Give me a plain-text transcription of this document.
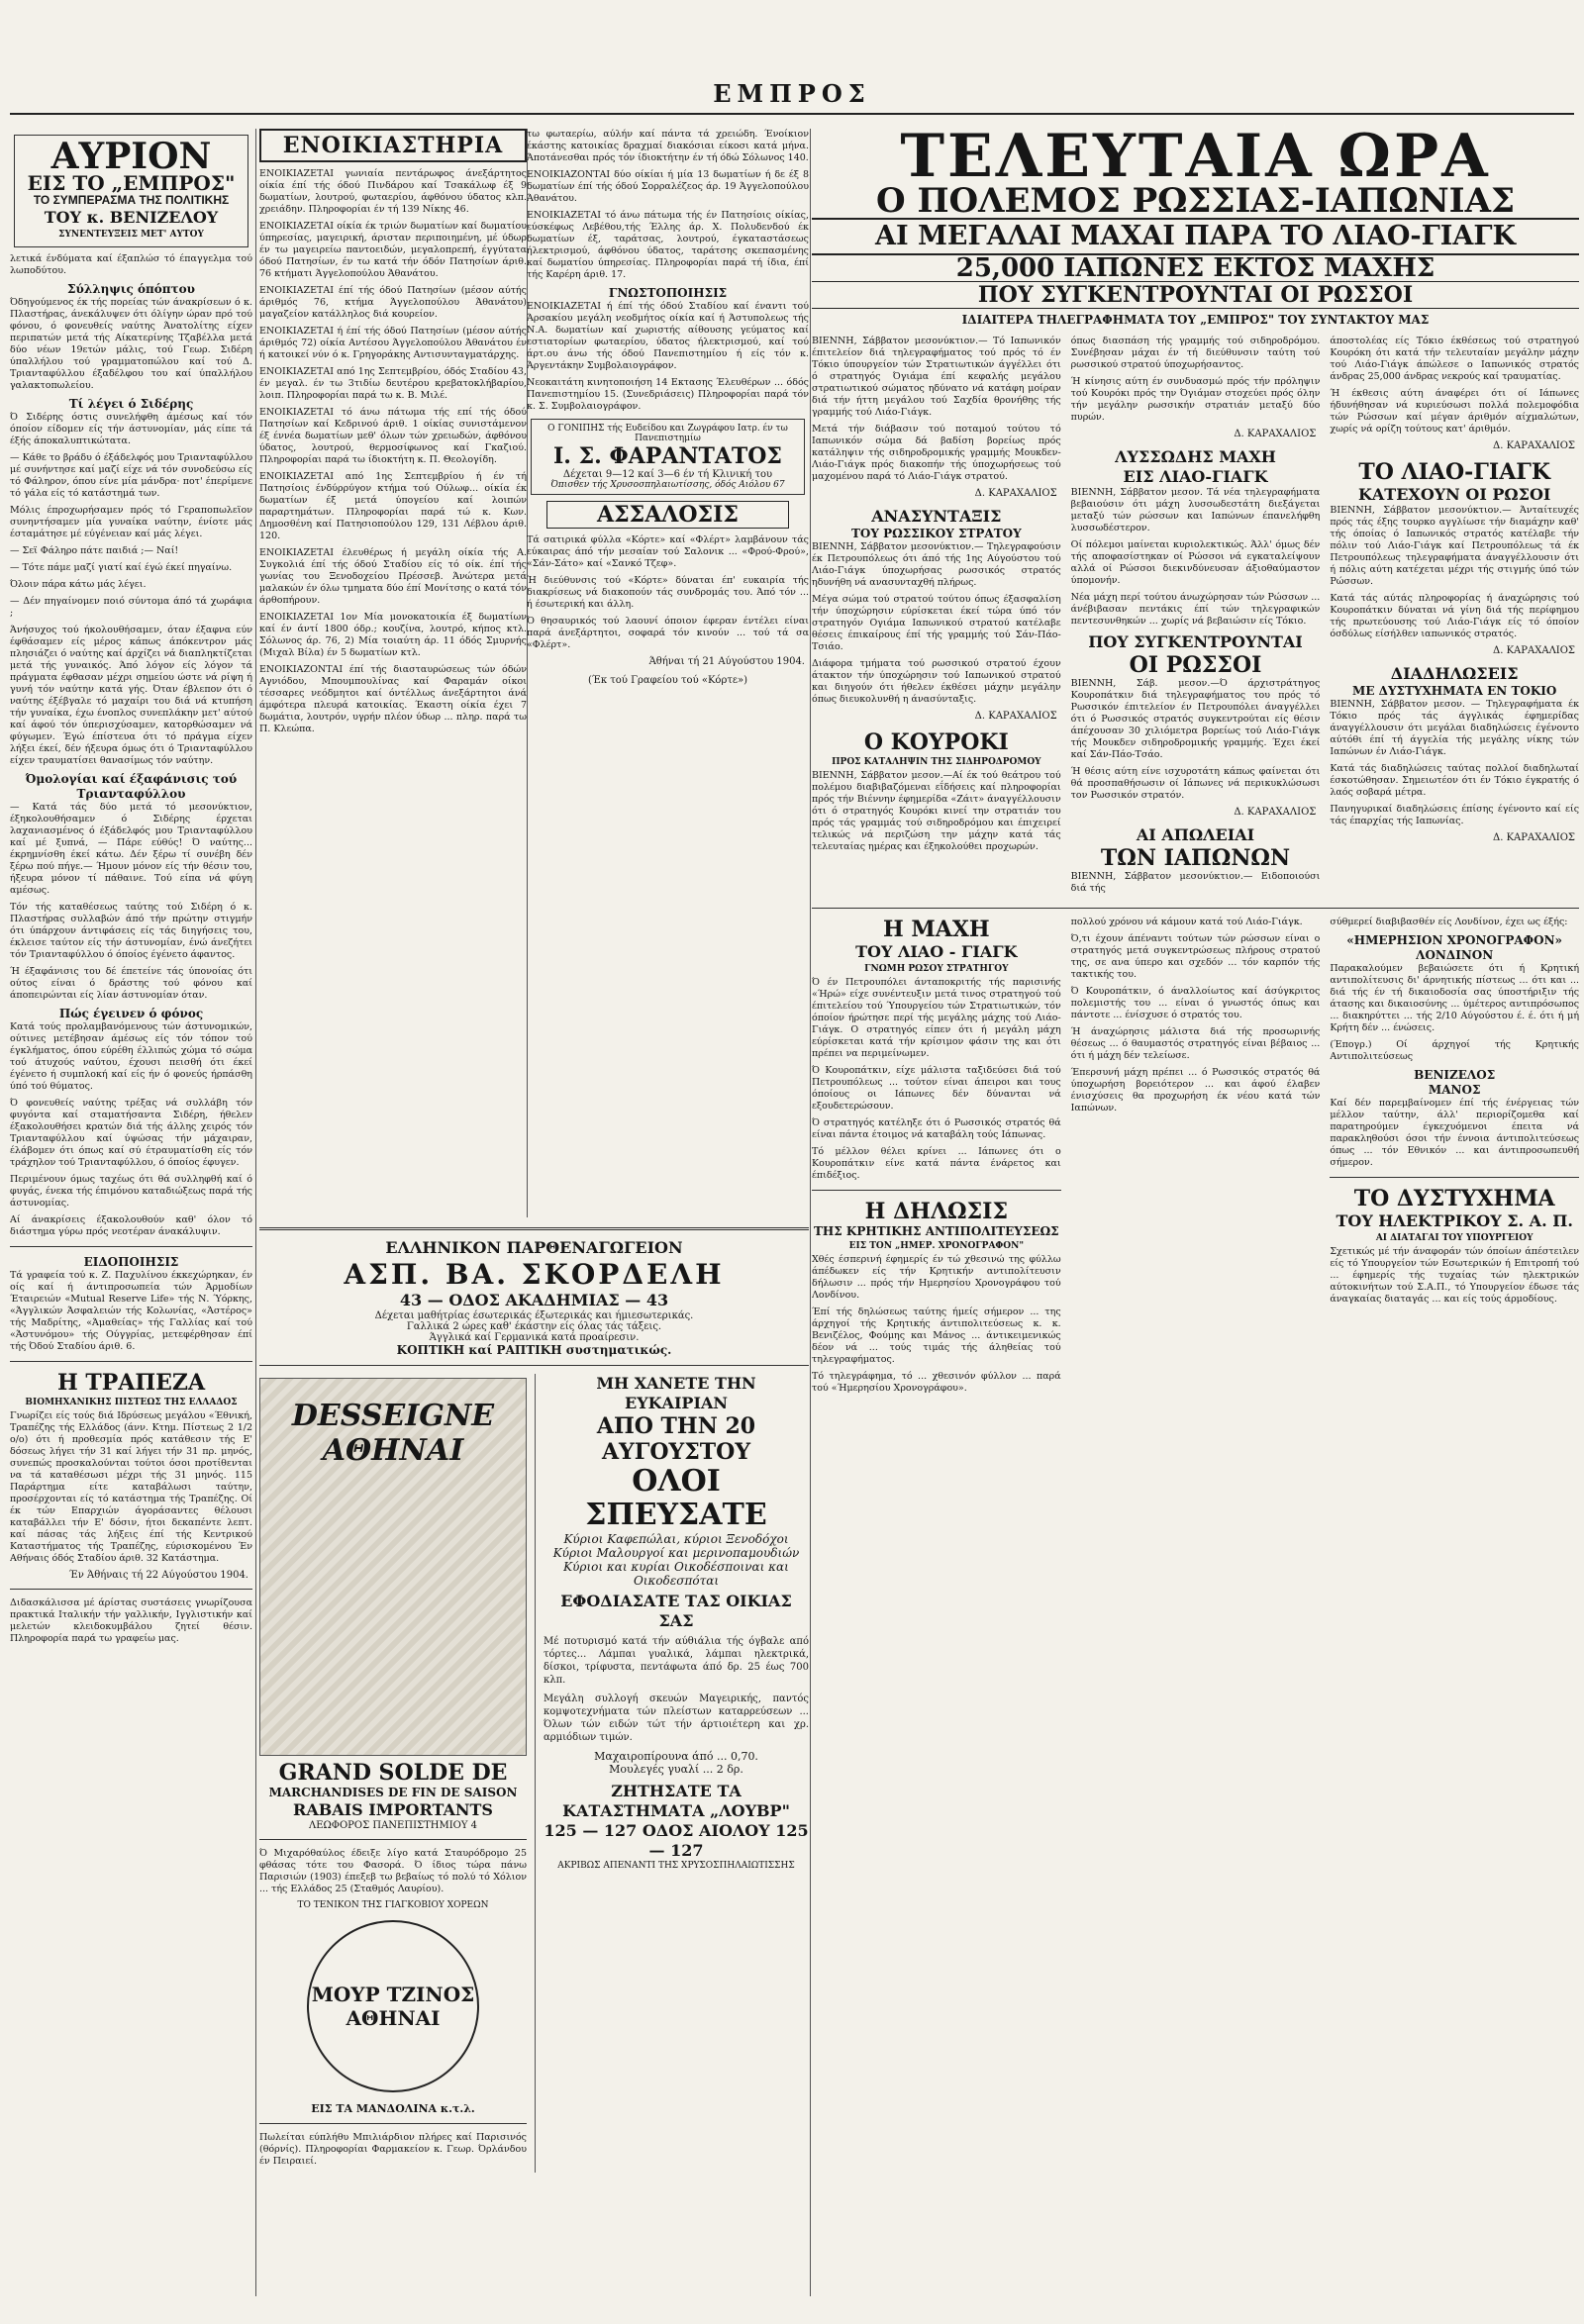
ΕΜΠΡΟΣ
ΑΥΡΙΟΝ
ΕΙΣ ΤΟ „ΕΜΠΡΟΣ"
ΤΟ ΣΥΜΠΕΡΑΣΜΑ ΤΗΣ ΠΟΛΙΤΙΚΗΣ
ΤΟΥ κ. ΒΕΝΙΖΕΛΟΥ
ΣΥΝΕΝΤΕΥΞΕΙΣ ΜΕΤ' ΑΥΤΟΥ

λετικά ένδύματα καί έξαπλώσ τό έπαγγελμα τού λωποδύτου.

Σύλληψις όπόπτου

Όδηγούμενος έκ τής πορείας τών άνακρίσεων ό κ. Πλαστήρας, άνεκάλυψεν ότι όλίγην ώραν πρό τού φόνου, ό φονευθείς ναύτης Άνατολίτης είχεν περιπατών μετά τής Αίκατερίνης Τζαβέλλα μετά δύο νέων 19ετών μάλις, τού Γεωρ. Σιδέρη ύπαλλήλου τού γραμματοπώλου καί τού Δ. Τριανταφύλλου έξαδέλφου του καί ύπαλλήλου γαλακτοπωλείου.

Τί λέγει ό Σιδέρης

Ό Σιδέρης όστις συνελήφθη άμέσως καί τόν όποίον είδομεν είς τήν άστυνομίαν, μάς είπε τά έξής άποκαλυπτικώτατα.

— Κάθε το βράδυ ό έξάδελφός μου Τριανταφύλλου μέ συνήντησε καί μαζί είχε νά τόν συνοδεύσω είς τό Φάληρον, όπου είνε μία μάνδρα· ποτ' έπερίμενε τό γάλα είς τό κατάστημά των.

Μόλις έπροχωρήσαμεν πρός τό Γεραποπωλεϊον συνηντήσαμεν μία γυναίκα ναύτην, ένίοτε μάς έσταμάτησε μέ εύγένειαν καί μάς λέγει.

— Σεϊ Φάληρο πάτε παιδιά ;— Ναί!

— Τότε πάμε μαζί γιατί καί έγώ έκεί πηγαίνω.

Όλοιν πάρα κάτω μάς λέγει.

— Δέν πηγαίνομεν ποιό σύντομα άπό τά χωράφια ;

Άνήσυχος τού ήκολουθήσαμεν, όταν έξαφνα εύν έφθάσαμεν είς μέρος κάπως άπόκεντρον μάς πλησιάζει ό ναύτης καί άρχίζει νά διαπληκτίζεται μετά τής γυναικός. Άπό λόγον είς λόγον τά πράγματα έφθασαν μέχρι σημείου ώστε νά ρίψη ή γυνή τόν ναύτην κατά γής. Όταν έβλεπον ότι ό ναύτης έξέβγαλε τό μαχαίρι του διά νά κτυπήση τήν γυναίκα, έχω ένοπλος συνεπλάκην μετ' αύτού καί άφού τόν ύπερισχύσαμεν, κατορθώσαμεν νά φύγωμεν. Έγώ έπίστευα ότι τό πράγμα είχεν λήξει έκεί, δέν ήξευρα όμως ότι ό Τριανταφύλλου είχεν τραυματίσει θανασίμως τόν ναύτην.

Όμολογίαι καί έξαφάνισις τού Τριανταφύλλου

— Κατά τάς δύο μετά τό μεσονύκτιον, έξηκολουθήσαμεν ό Σιδέρης έρχεται λαχανιασμένος ό έξάδελφός μου Τριανταφύλλου καί μέ ξυπνά, — Πάρε εύθύς! Ό ναύτης... έκρημνίσθη έκεί κάτω. Δέν ξέρω τί συνέβη δέν ξέρω πού πήγε.— Ήμουν μόνον είς τήν θέσιν του, ήξευρα μόνον τί πάθαινε. Τού είπα νά φύγη αμέσως.

Τόν τής καταθέσεως ταύτης τού Σιδέρη ό κ. Πλαστήρας συλλαβών άπό τήν πρώτην στιγμήν ότι ύπάρχουν άντιφάσεις είς τάς διηγήσεις του, έκλεισε ταύτον είς τήν άστυνομίαν, ένώ άνεζήτει τόν Τριανταφύλλου ό όποίος έγένετο άφαντος.

Ή έξαφάνισις του δέ έπετείνε τάς ύπονοίας ότι ούτος είναι ό δράστης τού φόνου καί άποπειρώνται είς λίαν άστυνομίαν όταν.

Πώς έγεινεν ό φόνος

Κατά τούς προλαμβανόμενους τών άστυνομικών, ούτινες μετέβησαν άμέσως είς τόν τόπον τού έγκλήματος, όπου εύρέθη έλλιπώς χώμα τό σώμα τού άτυχούς ναύτου, έχουσι πεισθή ότι έκεί έγένετο ή συμπλοκή καί είς ήν ό φονεύς ήρπάσθη ύπό τού θύματος.

Ό φονευθείς ναύτης τρέξας νά συλλάβη τόν φυγόντα καί σταματήσαντα Σιδέρη, ήθελεν έξακολουθήσει κρατών διά τής άλλης χειρός τόν Τριανταφύλλου καί ύψώσας τήν μάχαιραν, έλάβομεν ότι όπως καί σύ έτραυματίσθη είς τόν τράχηλον τού Τριανταφύλλου, ό όποίος έφυγεν.

Περιμένουν όμως ταχέως ότι θά συλληφθή καί ό φυγάς, ένεκα τής έπιμόνου καταδιώξεως παρά τής άστυνομίας.

Αί άνακρίσεις έξακολουθούν καθ' όλον τό διάστημα γύρω πρός νεοτέραν άνακάλυψιν.

ΕΙΔΟΠΟΙΗΣΙΣ

Τά γραφεία τού κ. Ζ. Παχυλίνου έκκεχώρηκαν, έν οίς καί ή άντιπροσωπεία τών Άρμοδίων Έταιρειών «Mutual Reserve Life» τής Ν. Ύόρκης, «Άγγλικών Άσφαλειών τής Κολωνίας, «Άστέρος» τής Μαδρίτης, «Άμαθείας» τής Γαλλίας καί τού «Άστυνόμου» τής Ούγγρίας, μετεφέρθησαν έπί τής Όδού Σταδίου άριθ. 6.

Η ΤΡΑΠΕΖΑ
ΒΙΟΜΗΧΑΝΙΚΗΣ ΠΙΣΤΕΩΣ ΤΗΣ ΕΛΛΑΔΟΣ

Γνωρίζει είς τούς διά Ιδρύσεως μεγάλου «Έθνική, Τραπέζης τής Ελλάδος (άνν. Κτημ. Πίστεως 2 1/2 ο/ο) ότι ή προθεσμία πρός κατάθεσιν τής Ε' δόσεως λήγει τήν 31 καί λήγει τήν 31 πρ. μηνός, συνεπώς προσκαλούνται τούτοι όσοι προτίθενται να τά καταθέσωσι μέχρι τής 31 μηνός. 115 Παράρτημα είτε καταβάλωσι ταύτην, προσέρχονται είς τό κατάστημα τής Τραπέζης. Οί έκ τών Επαρχιών άγοράσαντες θέλουσι καταβάλλει τήν Ε' δόσιν, ήτοι δεκαπέντε λεπτ. καί πάσας τάς λήξεις έπί τής Κεντρικού Καταστήματος τής Τραπέζης, εύρισκομένου Έν Αθήναις όδός Σταδίου άριθ. 32 Κατάστημα.

Έν Άθήναις τή 22 Αύγούστου 1904.

Διδασκάλισσα μέ άρίστας συστάσεις γνωρίζουσα πρακτικά Ιταλικήν τήν γαλλικήν, Ιγγλιστικήν καί μελετών κλειδοκυμβάλου ζητεί θέσιν. Πληροφορία παρά τω γραφείω μας.

ΕΝΟΙΚΙΑΣΤΗΡΙΑ

ΕΝΟΙΚΙΑΖΕΤΑΙ γωνιαία πεντάρωφος άνεξάρτητος οίκία έπί τής όδού Πινδάρου καί Τσακάλωφ έξ 9 δωματίων, λουτρού, φωταερίου, άφθόνου ύδατος κλπ. χρειάδην. Πληροφορίαι έν τή 139 Νίκης 46.

ΕΝΟΙΚΙΑΖΕΤΑΙ οίκία έκ τριών δωματίων καί δωματίου ύπηρεσίας, μαγειρική, άρισταν περιποιημένη, μέ ύδωρ έν τω μαγειρείω παντοειδών, μεγαλοπρεπή, έγγύτατα όδού Πατησίων, έν τω κατά τήν όδόν Πατησίων άριθ. 76 κτήματι Άγγελοπούλου Άθανάτου.

ΕΝΟΙΚΙΑΖΕΤΑΙ έπί τής όδού Πατησίων (μέσον αύτής άριθμός 76, κτήμα Άγγελοπούλου Άθανάτου) μαγαζείον κατάλληλος διά κουρείον.

ΕΝΟΙΚΙΑΖΕΤΑΙ ή έπί τής όδού Πατησίων (μέσον αύτής άριθμός 72) οίκία Αντέσου Άγγελοπούλου Άθανάτου έν ή κατοικεί νύν ό κ. Γρηγοράκης Αντισυνταγματάρχης.

ΕΝΟΙΚΙΑΖΕΤΑΙ από 1ης Σεπτεμβρίου, όδός Σταδίου 43, έν μεγαλ. έν τω 3τιδίω δευτέρου κρεβατοκλήβαρίου, λοιπ. Πληροφορίαι παρά τω κ. Β. Μιλέ.

ΕΝΟΙΚΙΑΖΕΤΑΙ τό άνω πάτωμα τής επί τής όδού Πατησίων καί Κεδρινού άριθ. 1 οίκίας συνιστάμενον έξ έννέα δωματίων μεθ' όλων τών χρειωδών, άφθόνου ύδατος, λουτρού, θερμοσίφωνος καί Γκαζιού. Πληροφορίαι παρά τω ίδιοκτήτη κ. Π. Θεολογίδη.

ΕΝΟΙΚΙΑΖΕΤΑΙ από 1ης Σεπτεμβρίου ή έν τή Πατησίοις ένδύρρύγον κτήμα τού Ούλωφ... οίκία έκ δωματίων έξ μετά ύπογείου καί λοιπών παραρτημάτων. Πληροφορίαι παρά τώ κ. Κων. Δημοσθένη καί Πατησιοπούλου 129, 131 Λέβλου άριθ. 120.

ΕΝΟΙΚΙΑΖΕΤΑΙ έλευθέρως ή μεγάλη οίκία τής Α. Συγκολιά έπί τής όδού Σταδίου είς τό οίκ. έπί τής γωνίας του Ξενοδοχείου Πρέσσεβ. Άνώτερα μετά μαλακών έν όλω τμηματα δύο έπί Μονίτσης ο κατά τόν άρθοπήρουν.

ΕΝΟΙΚΙΑΖΕΤΑΙ 1ον Μία μονοκατοικία έξ δωματίων καί έν άντί 1800 όδρ.; κουζίνα, λουτρό, κήπος κτλ. Σόλωνος άρ. 76, 2) Μία τοιαύτη άρ. 11 όδός Σμυρνής (Μιχαλ Βίλα) έν 5 δωματίων κτλ.

ΕΝΟΙΚΙΑΖΟΝΤΑΙ έπί τής διασταυρώσεως τών όδών Αγνιόδου, Μπουμπουλίνας καί Φαραμάν οίκοι τέσσαρες νεόδμητοι καί όντέλλως άνεξάρτητοι άνά άμφότερα πλευρά κατοικίας. Έκαστη οίκία έχει 7 δωμάτια, λουτρόν, υγρήν πλέον ύδωρ ... πληρ. παρά τω Π. Κλεώπα.

τω φωταερίω, αύλήν καί πάντα τά χρειώδη. Ένοίκιον έκάστης κατοικίας δραχμαί διακόσιαι είκοσι κατά μήνα. Άποτάνεσθαι πρός τόν ίδιοκτήτην έν τή όδώ Σόλωνος 140.

ΕΝΟΙΚΙΑΖΟΝΤΑΙ δύο οίκίαι ή μία 13 δωματίων ή δε έξ 8 δωματίων έπί τής όδού Σορραλέζεος άρ. 19 Άγγελοπούλου Άθανάτου.

ΕΝΟΙΚΙΑΖΕΤΑΙ τό άνω πάτωμα τής έν Πατησίοις οίκίας, εύσκέφως Λεβέθου,τής Έλλης άρ. Χ. Πολυδενδού έκ δωματίων έξ, ταράτσας, λουτρού, έγκαταστάσεως ήλεκτρισμού, άφθόνου ύδατος, ταράτσης σκεπασμένης καί δωματίου ύπηρεσίας. Πληροφορίαι παρά τή ίδια, έπί τής Καρέρη άριθ. 17.

ΓΝΩΣΤΟΠΟΙΗΣΙΣ

ΕΝΟΙΚΙΑΖΕΤΑΙ ή έπί τής όδού Σταδίου καί έναντι τού Άρσακίου μεγάλη νεοδμήτος οίκία καί ή Άστυπολεως τής Ν.Α. δωματίων καί χωριστής αίθουσης γεύματος καί εστιατορίων φωταερίου, ύδατος ήλεκτρισμού, καί τού άρτ.ου άνω τής όδού Πανεπιστημίου ή είς τόν κ. Άργεντάκην Συμβολαιογράφον.

Νεοκαιτάτη κινητοποιήση 14 Εκτασης Έλευθέρων ... όδός Πανεπιστημίου 15. (Συνεδριάσεις) Πληροφορίαι παρά τόν κ. Σ. Συμβολαιογράφον.

Ο ΓΟΝΙΠΗΣ τής Ευδείδου και Ζωγράφου Ιατρ. έν τω Πανεπιστημίω
Ι. Σ. ΦΑΡΑΝΤΑΤΟΣ
Δέχεται 9—12 καί 3—6 έν τή Κλινική του
Όπισθεν τής Χρυσοσπηλαιωτίσσης, όδός Αιόλου 67
ΑΣΣΑΛΟΣΙΣ

Τά σατιρικά φύλλα «Κόρτε» καί «Φλέρτ» λαμβάνουν τάς εύκαιρας άπό τήν μεσαίαν τού Σαλονικ ... «Φρού-Φρού», «Σάν-Σάτο» καί «Σανκό Τζεφ».

Ή διεύθυνσις τού «Κόρτε» δύναται έπ' ευκαιρία τής διακρίσεως νά διακοπούν τάς συνδρομάς του. Άπό τόν ... ή έσωτερική και άλλη.

Ό θησαυρικός τού λαουνί όποιον έφεραν έντέλει είναι παρά άνεξάρτητοι, σοφαρά τόν κινούν ... τού τά σα «Φλέρτ».

Άθήναι τή 21 Αύγούστου 1904.
(Έκ τού Γραφείου τού «Κόρτε»)
ΕΛΛΗΝΙΚΟΝ ΠΑΡΘΕΝΑΓΩΓΕΙΟΝ
ΑΣΠ. ΒΑ. ΣΚΟΡΔΕΛΗ
43 — ΟΔΟΣ ΑΚΑΔΗΜΙΑΣ — 43
Δέχεται μαθήτρίας έσωτερικάς έξωτερικάς και ήμιεσωτερικάς.
Γαλλικά 2 ώρες καθ' έκάστην είς όλας τάς τάξεις.
Άγγλικά καί Γερμανικά κατά προαίρεσιν.
ΚΟΠΤΙΚΗ καί ΡΑΠΤΙΚΗ συστηματικώς.
DESSEIGNE ΑΘΗΝΑΙ
GRAND SOLDE DE
MARCHANDISES DE FIN DE SAISON
RABAIS IMPORTANTS
ΛΕΩΦΟΡΟΣ ΠΑΝΕΠΙΣΤΗΜΙΟΥ 4

Ό Μιχαρόθαύλος έδειξε λίγο κατά Σταυρόδρομο 25 φθάσας τότε του Φασορά. Ό ίδιος τώρα πάνω Παρισιών (1903) έπεξεβ τω βεβαίως τό πολύ τό Χόλιον ... τής Ελλάδος 25 (Σταθμός Λαυρίου).

ΤΟ ΤΕΝΙΚΟΝ ΤΗΣ ΓΙΑΓΚΟΒΙΟΥ ΧΟΡΕΩΝ
ΜΟΥΡ ΤΖΙΝΟΣ ΑΘΗΝΑΙ
ΕΙΣ ΤΑ ΜΑΝΔΟΛΙΝΑ κ.τ.λ.

Πωλείται εύπλήθυ Μπιλιάρδιον πλήρες καί Παρισινός (θόρνίς). Πληροφορίαι Φαρμακείον κ. Γεωρ. Όρλάνδου έν Πειραιεί.

ΜΗ ΧΑΝΕΤΕ ΤΗΝ ΕΥΚΑΙΡΙΑΝ
ΑΠΟ ΤΗΝ 20 ΑΥΓΟΥΣΤΟΥ
ΟΛΟΙ ΣΠΕΥΣΑΤΕ
Κύριοι Καφεπώλαι, κύριοι Ξενοδόχοι
Κύριοι Μαλουργοί και μερινοπαμουδιών
Κύριοι και κυρίαι Οικοδέσποιναι και Οικοδεσπόται
ΕΦΟΔΙΑΣΑΤΕ ΤΑΣ ΟΙΚΙΑΣ ΣΑΣ

Μέ ποτυρισμό κατά τήν αύθιάλια τής όγβαλε από τόρτες... Λάμπαι γυαλικά, λάμπαι ηλεκτρικά, δίσκοι, τρίφυστα, πεντάφωτα άπό δρ. 25 έως 700 κλπ.

Μεγάλη συλλογή σκευών Μαγειρικής, παντός κομψοτεχνήματα τών πλείστων καταρρεύσεων ... Όλων τών ειδών τώτ τήν άρτιοιέτερη και χρ. αρμιόδιων τιμών.

Μαχαιροπίρουνα άπό ... 0,70.
Μουλεγές γυαλί ... 2 δρ.
ΖΗΤΗΣΑΤΕ ΤΑ ΚΑΤΑΣΤΗΜΑΤΑ „ΛΟΥΒΡ"
125 — 127 ΟΔΟΣ ΑΙΟΛΟΥ 125 — 127
ΑΚΡΙΒΩΣ ΑΠΕΝΑΝΤΙ ΤΗΣ ΧΡΥΣΟΣΠΗΛΑΙΩΤΙΣΣΗΣ
ΤΕΛΕΥΤΑΙΑ ΩΡΑ
Ο ΠΟΛΕΜΟΣ ΡΩΣΣΙΑΣ-ΙΑΠΩΝΙΑΣ
ΑΙ ΜΕΓΑΛΑΙ ΜΑΧΑΙ ΠΑΡΑ ΤΟ ΛΙΑΟ-ΓΙΑΓΚ
25,000 ΙΑΠΩΝΕΣ ΕΚΤΟΣ ΜΑΧΗΣ
ΠΟΥ ΣΥΓΚΕΝΤΡΟΥΝΤΑΙ ΟΙ ΡΩΣΣΟΙ
ΙΔΙΑΙΤΕΡΑ ΤΗΛΕΓΡΑΦΗΜΑΤΑ ΤΟΥ „ΕΜΠΡΟΣ" ΤΟΥ ΣΥΝΤΑΚΤΟΥ ΜΑΣ

ΒΙΕΝΝΗ, Σάββατον μεσονύκτιον.— Τό Ιαπωνικόν έπιτελείον διά τηλεγραφήματος τού πρός τό έν Τόκιο ύπουργείον τών Στρατιωτικών άγγέλλει ότι ό στρατηγός Όγιάμα έπί κεφαλής μεγάλου στρατιωτικού σώματος ηδύνατο νά κατάφη μοίραν διά τήν ήττη μεγάλου τού Σαχδία θρονήθης τής γραμμής τού Λιάο-Γιάγκ.

Μετά τήν διάβασιν τού ποταμού τούτου τό Ιαπωνικόν σώμα δά βαδίση βορείως πρός κατάληψιν τής σιδηροδρομικής γραμμής Μουκδεν-Λιάο-Γιάγκ πρός διακοπήν τής ύποχωρήσεως τού μαχομένου παρά τό Λιάο-Γιάγκ στρατού.

Δ. ΚΑΡΑΧΑΛΙΟΣ
ΑΝΑΣΥΝΤΑΞΙΣ
ΤΟΥ ΡΩΣΣΙΚΟΥ ΣΤΡΑΤΟΥ

ΒΙΕΝΝΗ, Σάββατον μεσονύκτιον.— Τηλεγραφούσιν έκ Πετρουπόλεως ότι άπό τής 1ης Αύγούστου τού Λιάο-Γιάγκ ύποχωρήσας ρωσσικός στρατός ηδυνήθη νά ανασυνταχθή πλήρως.

Μέγα σώμα τού στρατού τούτου όπως έξασφαλίση τήν ύποχώρησιν εύρίσκεται έκεί τώρα ύπό τόν στρατηγόν Ογιάμα Ιαπωνικού στρατού κατέλαβε θέσεις έπικαίρους έπί τής γραμμής τού Σάν-Πάο-Τσιάο.

Διάφορα τμήματα τού ρωσσικού στρατού έχουν άτακτον τήν ύποχώρησιν τού Ιαπωνικού στρατού και διηγούν ότι ήθελεν έκθέσει μάχην μεγάλην όπως διευκολυνθή η άνασύνταξις.

Δ. ΚΑΡΑΧΑΛΙΟΣ
Ο ΚΟΥΡΟΚΙ
ΠΡΟΣ ΚΑΤΑΛΗΨΙΝ ΤΗΣ ΣΙΔΗΡΟΔΡΟΜΟΥ

ΒΙΕΝΝΗ, Σάββατον μεσον.—Αί έκ τού θεάτρου τού πολέμου διαβιβαζόμεναι εΐδήσεις καί πληροφορίαι πρός τήν Βιέννην έφημερίδα «Ζάιτ» άναγγέλλουσιν ότι ό στρατηγός Κουρόκι κινεί την στρατιάν του πρός τάς γραμμάς τού σιδηροδρόμου και έπιχειρεί τελικώς νά περιζώση την μάχην κατά τάς τελευταίας ημέρας και έξηκολούθει προχωρών.

όπως διασπάση τής γραμμής τού σιδηροδρόμου. Συνέβησαν μάχαι έν τή διεύθυνσιν ταύτη τού ρωσσικού στρατού ύποχωρήσαντος.

Ή κίνησις αύτη έν συνδυασμώ πρός τήν πρόληψιν τού Κουρόκι πρός την Όγιάμαν στοχεύει πρός όλην τήν μεγάλην ρωσσικήν στρατιάν μεταξύ δύο πυρών.

Δ. ΚΑΡΑΧΑΛΙΟΣ
ΛΥΣΣΩΔΗΣ ΜΑΧΗ
ΕΙΣ ΛΙΑΟ-ΓΙΑΓΚ

ΒΙΕΝΝΗ, Σάββατον μεσον. Τά νέα τηλεγραφήματα βεβαιούσιν ότι μάχη λυσσωδεστάτη διεξάγεται μεταξύ τών ρώσσων και Ιαπώνων έπανελήφθη λυσσωδέστερον.

Οί πόλεμοι μαίνεται κυριολεκτικώς. Άλλ' όμως δέν τής αποφασίστηκαν οί Ρώσσοι νά εγκαταλείψουν αλλά οί Ρώσσοι διεκινδύνευσαν άξιοθαύμαστον ύπομονήν.

Νέα μάχη περί τούτου άνωχώρησαν τών Ρώσσων ... άνέβιβασαν πεντάκις έπί τών τηλεγραφικών πεντεσυνθηκών ... χωρίς νά βεβαιώσιν είς Τόκιο.

ΠΟΥ ΣΥΓΚΕΝΤΡΟΥΝΤΑΙ
ΟΙ ΡΩΣΣΟΙ

ΒΙΕΝΝΗ, Σάβ. μεσον.—Ό άρχιστράτηγος Κουροπάτκιν διά τηλεγραφήματος του πρός τό Ρωσσικόν έπιτελείον έν Πετρουπόλει άναγγέλλει ότι ό Ρωσσικός στρατός συγκεντρούται είς θέσιν άπέχουσαν 30 χιλιόμετρα βορείως τού Λιάο-Γιάγκ τής Μουκδεν σιδηροδρομικής γραμμής. Έχει έκεί καί Σάν-Πάο-Τσάο.

Ή θέσις αύτη είνε ισχυροτάτη κάπως φαίνεται ότι θά προσπαθήσωσιν οί Ιάπωνες νά περικυκλώσωσι τον Ρωσσικόν στρατόν.

Δ. ΚΑΡΑΧΑΛΙΟΣ
ΑΙ ΑΠΩΛΕΙΑΙ
ΤΩΝ ΙΑΠΩΝΩΝ

ΒΙΕΝΝΗ, Σάββατον μεσονύκτιον.— Ειδοποιούσι διά τής

άποστολέας είς Τόκιο έκθέσεως τού στρατηγού Κουρόκη ότι κατά τήν τελευταίαν μεγάλην μάχην τού Λιάο-Γιάγκ άπώλεσε ο Ιαπωνικός στρατός άνδρας 25,000 άνδρας νεκρούς καί τραυματίας.

Ή έκθεσις αύτη άναφέρει ότι οί Ιάπωνες ήδυνήθησαν νά κυριεύσωσι πολλά πολεμοφόδια τών Ρώσσων καί μέγαν άριθμόν αίχμαλώτων, χωρίς νά ορίζη τούτους κατ' άριθμόν.

Δ. ΚΑΡΑΧΑΛΙΟΣ
ΤΟ ΛΙΑΟ-ΓΙΑΓΚ
ΚΑΤΕΧΟΥΝ ΟΙ ΡΩΣΟΙ

ΒΙΕΝΝΗ, Σάββατον μεσονύκτιον.— Άνταίτευχές πρός τάς έξης τουρκο αγγλίωσε τήν διαμάχην καθ' τής όποίας ό Ιαπωνικός στρατός κατέλαβε τήν πόλιν τού Λιάο-Γιάγκ καί Πετρουπόλεως τά έκ Πετρουπόλεως τηλεγραφήματα άναγγέλλουσιν ότι ή πόλις αύτη κατέχεται μέχρι τής στιγμής ύπό τών Ρώσσων.

Κατά τάς αύτάς πληροφορίας ή άναχώρησις τού Κουροπάτκιν δύναται νά γίνη διά τής περίφημου τής πρωτεύουσης τού Λιάο-Γιάγκ είς τό όποίον όσδύλως είσήλθεν ιαπωνικός στρατός.

Δ. ΚΑΡΑΧΑΛΙΟΣ
ΔΙΑΔΗΛΩΣΕΙΣ
ΜΕ ΔΥΣΤΥΧΗΜΑΤΑ ΕΝ ΤΟΚΙΟ

ΒΙΕΝΝΗ, Σάββατον μεσον. — Τηλεγραφήματα έκ Τόκιο πρός τάς άγγλικάς έφημερίδας άναγγέλλουσιν ότι μεγάλαι διαδηλώσεις έγένοντο αύτόθι έπί τή άγγελία τής μεγάλης νίκης τών Ιαπώνων έν Λιάο-Γιάγκ.

Κατά τάς διαδηλώσεις ταύτας πολλοί διαδηλωταί έσκοτώθησαν. Σημειωτέον ότι έν Τόκιο έγκρατής ό λαός σοβαρά μέτρα.

Πανηγυρικαί διαδηλώσεις έπίσης έγένοντο καί είς τάς έπαρχίας τής Ιαπωνίας.

Δ. ΚΑΡΑΧΑΛΙΟΣ
Η ΜΑΧΗ
ΤΟΥ ΛΙΑΟ - ΓΙΑΓΚ
ΓΝΩΜΗ ΡΩΣΟΥ ΣΤΡΑΤΗΓΟΥ

Ό έν Πετρουπόλει άνταποκριτής τής παρισινής «Ήρώ» είχε συνέντευξιν μετά τινος στρατηγού τού έπιτελείου τού Ύπουργείου τών Στρατιωτικών, τόν όποίον ήρώτησε περί τής μεγάλης μάχης τού Λιάο-Γιάγκ. Ο στρατηγός είπεν ότι ή μεγάλη μάχη εύρίσκεται κατά τήν κρίσιμον φάσιν της και ότι πρέπει να περιμείνωμεν.

Ό Κουροπάτκιν, είχε μάλιστα ταξιδεύσει διά τού Πετρουπόλεως ... τούτον είναι άπειροι και τους όποίους οι Ιάπωνες δέν δύνανται νά εξουδετερώσουν.

Ό στρατηγός κατέληξε ότι ό Ρωσσικός στρατός θά είναι πάντα έτοιμος νά καταβάλη τούς Ιάπωνας.

Τό μέλλον θέλει κρίνει ... Ιάπωνες ότι ο Κουροπάτκιν είνε κατά πάντα ένάρετος και έπιδέξιος.

Η ΔΗΛΩΣΙΣ
ΤΗΣ ΚΡΗΤΙΚΗΣ ΑΝΤΙΠΟΛΙΤΕΥΣΕΩΣ
ΕΙΣ ΤΟΝ „ΗΜΕΡ. ΧΡΟΝΟΓΡΑΦΟΝ"

Χθές έσπερινή έφημερίς έν τώ χθεσινώ της φύλλω άπέδωκεν είς τήν Κρητικήν αντιπολίτευσιν δήλωσιν ... πρός τήν Ημερησίου Χρονογράφου τού Λονδίνου.

Έπί τής δηλώσεως ταύτης ήμείς σήμερον ... της άρχηγοί τής Κρητικής άντιπολιτεύσεως κ. κ. Βενιζέλος, Φούμης και Μάνος ... άντικειμενικώς δέον νά ... τούς τιμάς τής άληθείας τού τηλεγραφήματος.

Τό τηλεγράφημα, τό ... χθεσινόν φύλλον ... παρά τού «Ήμερησίου Χρονογράφου».

πολλού χρόνου νά κάμουν κατά τού Λιάο-Γιάγκ.

Ό,τι έχουν άπέναντι τούτων τών ρώσσων είναι ο στρατηγός μετά συγκεντρώσεως πλήρους στρατού της, σε ανα ύπερο και σχεδόν ... τόν καρπόν τής τακτικής του.

Ό Κουροπάτκιν, ό άναλλοίωτος καί άσύγκριτος πολεμιστής του ... είναι ό γνωστός όπως και πάντοτε ... ένίσχυσε ό στρατός του.

Ή άναχώρησις μάλιστα διά τής προσωρινής θέσεως ... ό θαυμαστός στρατηγός είναι βέβαιος ... ότι ή μάχη δέν τελείωσε.

Έπερσυνή μάχη πρέπει ... ό Ρωσσικός στρατός θά ύποχωρήση βορειότερον ... και άφού έλαβεν ένισχύσεις θα προχωρήση έκ νέου κατά τών Ιαπώνων.

σύθμερεί διαβιβασθέν είς Λονδίνον, έχει ως έξής:

«ΗΜΕΡΗΣΙΟΝ ΧΡΟΝΟΓΡΑΦΟΝ»
ΛΟΝΔΙΝΟΝ

Παρακαλούμεν βεβαιώσετε ότι ή Κρητική αντιπολίτευσις δι' άρνητικής πίστεως ... ότι και ... διά τής έν τή δικαιοδοσία σας ύποστήριξιν τής άτασης και δικαιοσύνης ... ύμέτερος αντιπρόσωπος ... διακηρύττει ... τής 2/10 Αύγούστου έ. έ. ότι ή μή Κρήτη δέν ... ένώσεις.

(Έπογρ.) Οί άρχηγοί τής Κρητικής Αντιπολιτεύσεως

ΒΕΝΙΖΕΛΟΣ
ΜΑΝΟΣ

Καί δέν παρεμβαίνομεν έπί τής ένέργειας τών μέλλον ταύτην, άλλ' περιορίζομεθα καί παρατηρούμεν έγκεχυόμενοι έπειτα νά παρακληθούσι όσοι τήν έννοια άντιπολιτεύσεως όπως ... τόν Εθνικόν ... και άντιπροσωπευθή σήμερον.

ΤΟ ΔΥΣΤΥΧΗΜΑ
ΤΟΥ ΗΛΕΚΤΡΙΚΟΥ Σ. Α. Π.
ΑΙ ΔΙΑΤΑΓΑΙ ΤΟΥ ΥΠΟΥΡΓΕΙΟΥ

Σχετικώς μέ τήν άναφοράν τών όποίων άπέστειλεν είς τό Υπουργείον τών Εσωτερικών ή Επιτροπή τού ... έφημερίς τής τυχαίας τών ηλεκτρικών αύτοκινήτων τού Σ.Α.Π., τό Υπουργείον έδωσε τάς άναγκαίας διαταγάς ... και είς τούς άρμοδίους.
